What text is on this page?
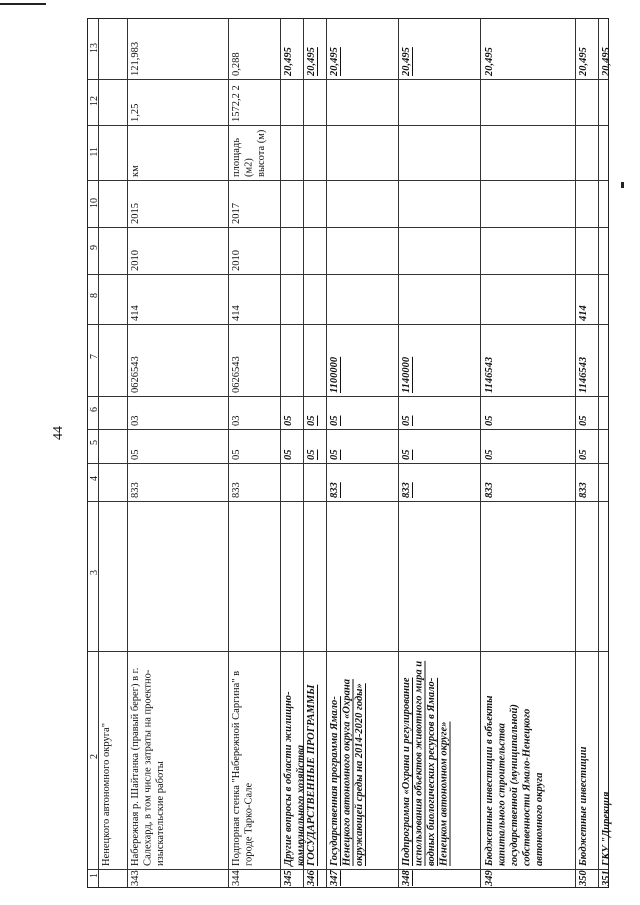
44
13
12
11
10
9
8
7
6
5
4
3
2
1
Ненецкого автономного округа"
121,983
1,25
км
2015
2010
414
0626543
03
05
833
Набережная р. Шайтанка (правый берег) в г. Салехард, в том числе затраты на проектно-изыскательские работы
343
0,288
1572,2 2
площадь (м2) высота (м)
2017
2010
414
0626543
03
05
833
Подпорная стенка "Набережной Саргина" в городе Тарко-Сале
344
20,495
05
05
Другие вопросы в области жилищно-коммунального хозяйства
345
20,495
05
05
ГОСУДАРСТВЕННЫЕ ПРОГРАММЫ
346
20,495
1100000
05
05
833
Государственная программа Ямало-Ненецкого автономного округа «Охрана окружающей среды на 2014-2020 годы»
347
20,495
1140000
05
05
833
Подпрограмма «Охрана и регулирование использования объектов животного мира и водных биологических ресурсов в Ямало-Ненецком автономном округе»
348
20,495
1146543
05
05
833
Бюджетные инвестиции в объекты капитального строительства государственной (муниципальной) собственности Ямало-Ненецкого автономного округа
349
20,495
414
1146543
05
05
833
Бюджетные инвестиции
350
20,495
ГКУ "Дирекция
351
